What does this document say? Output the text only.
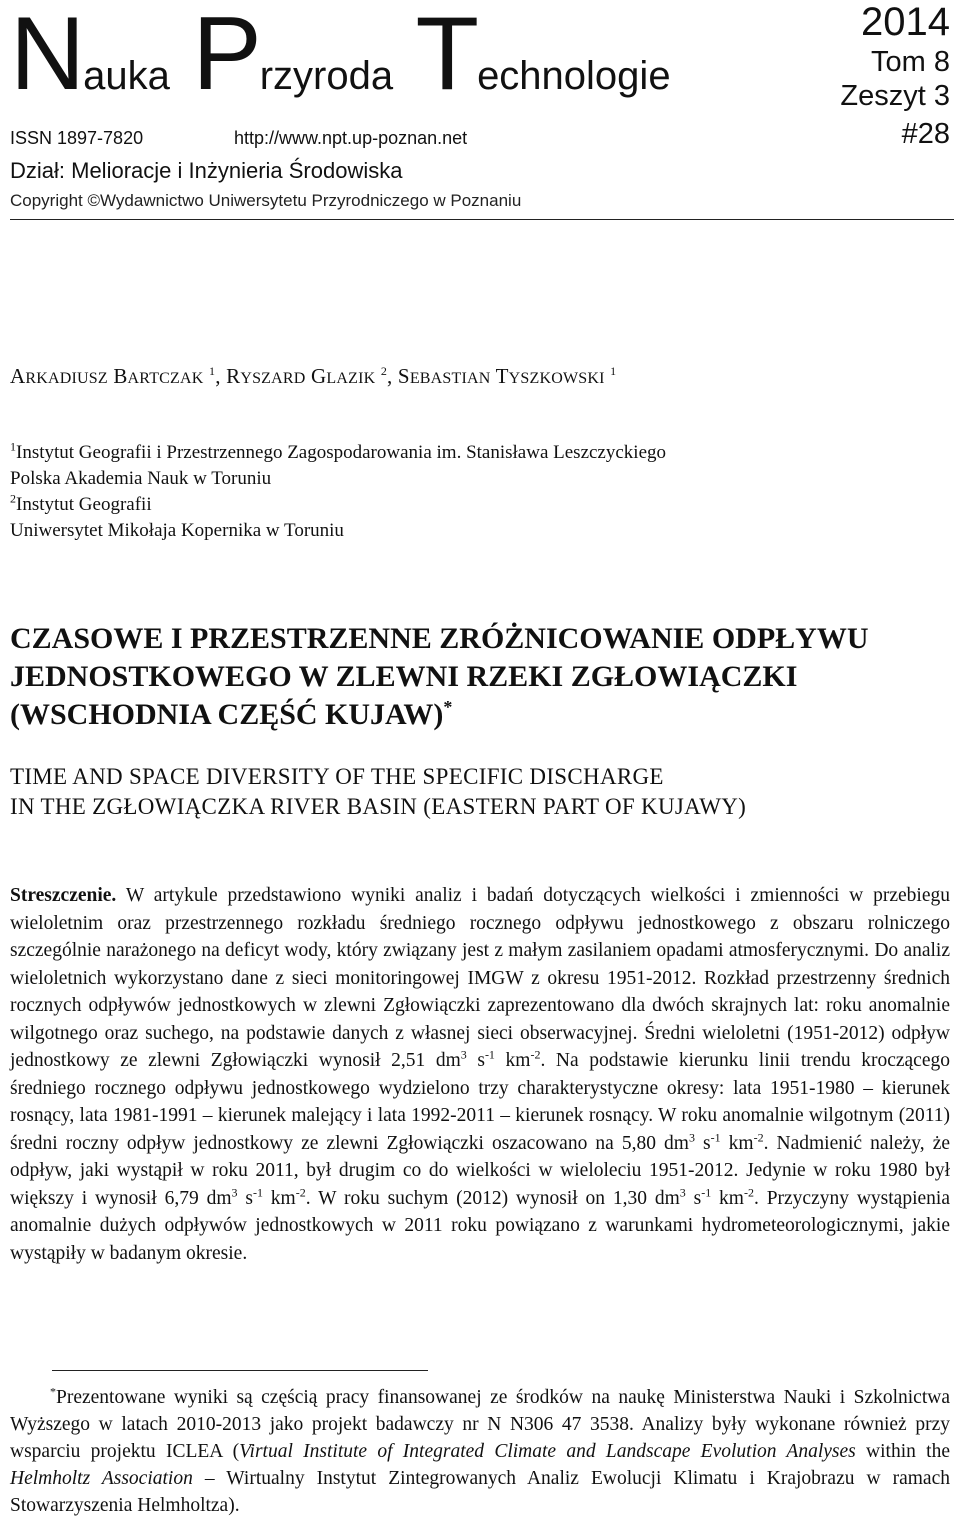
Nauka Przyroda Technologie
2014
Tom 8
Zeszyt 3
#28
ISSN 1897-7820	http://www.npt.up-poznan.net
Dział: Melioracje i Inżynieria Środowiska
Copyright ©Wydawnictwo Uniwersytetu Przyrodniczego w Poznaniu
ARKADIUSZ BARTCZAK $^1$, RYSZARD GLAZIK $^2$, SEBASTIAN TYSZKOWSKI $^1$
$^1$Instytut Geografii i Przestrzennego Zagospodarowania im. Stanisława Leszczyckiego
Polska Akademia Nauk w Toruniu
$^2$Instytut Geografii
Uniwersytet Mikołaja Kopernika w Toruniu
CZASOWE I PRZESTRZENNE ZRÓŻNICOWANIE ODPŁYWU
JEDNOSTKOWEGO W ZLEWNI RZEKI ZGŁOWIĄCZKI
(WSCHODNIA CZĘŚĆ KUJAW)*
TIME AND SPACE DIVERSITY OF THE SPECIFIC DISCHARGE
IN THE ZGŁOWIĄCZKA RIVER BASIN (EASTERN PART OF KUJAWY)
Streszczenie. W artykule przedstawiono wyniki analiz i badań dotyczących wielkości i zmienności w przebiegu wieloletnim oraz przestrzennego rozkładu średniego rocznego odpływu jednostkowego z obszaru rolniczego szczególnie narażonego na deficyt wody, który związany jest z małym zasilaniem opadami atmosferycznymi. Do analiz wieloletnich wykorzystano dane z sieci monitoringowej IMGW z okresu 1951-2012. Rozkład przestrzenny średnich rocznych odpływów jednostkowych w zlewni Zgłowiączki zaprezentowano dla dwóch skrajnych lat: roku anomalnie wilgotnego oraz suchego, na podstawie danych z własnej sieci obserwacyjnej. Średni wieloletni (1951-2012) odpływ jednostkowy ze zlewni Zgłowiączki wynosił 2,51 $dm^3$ $s^{-1}$ $km^{-2}$. Na podstawie kierunku linii trendu kroczącego średniego rocznego odpływu jednostkowego wydzielono trzy charakterystyczne okresy: lata 1951-1980 – kierunek rosnący, lata 1981-1991 – kierunek malejący i lata 1992-2011 – kierunek rosnący. W roku anomalnie wilgotnym (2011) średni roczny odpływ jednostkowy ze zlewni Zgłowiączki oszacowano na 5,80 $dm^3$ $s^{-1}$ $km^{-2}$. Nadmienić należy, że odpływ, jaki wystąpił w roku 2011, był drugim co do wielkości w wieloleciu 1951-2012. Jedynie w roku 1980 był większy i wynosił 6,79 $dm^3$ $s^{-1}$ $km^{-2}$. W roku suchym (2012) wynosił on 1,30 $dm^3$ $s^{-1}$ $km^{-2}$. Przyczyny wystąpienia anomalnie dużych odpływów jednostkowych w 2011 roku powiązano z warunkami hydrometeorologicznymi, jakie wystąpiły w badanym okresie.
*Prezentowane wyniki są częścią pracy finansowanej ze środków na naukę Ministerstwa Nauki i Szkolnictwa Wyższego w latach 2010-2013 jako projekt badawczy nr N N306 47 3538. Analizy były wykonane również przy wsparciu projektu ICLEA (Virtual Institute of Integrated Climate and Landscape Evolution Analyses within the Helmholtz Association – Wirtualny Instytut Zintegrowanych Analiz Ewolucji Klimatu i Krajobrazu w ramach Stowarzyszenia Helmholtza).
